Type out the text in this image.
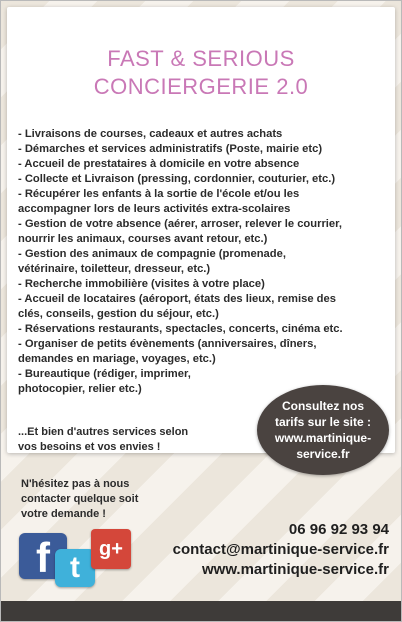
FAST & SERIOUS
CONCIERGERIE 2.0
- Livraisons de courses, cadeaux et autres achats
- Démarches et services administratifs (Poste, mairie etc)
- Accueil de prestataires à domicile en votre absence
- Collecte et Livraison (pressing, cordonnier, couturier, etc.)
- Récupérer les enfants à la sortie de l'école et/ou les
accompagner lors de leurs activités extra-scolaires
- Gestion de votre absence (aérer, arroser, relever le courrier,
nourrir les animaux, courses avant retour, etc.)
- Gestion des animaux de compagnie (promenade,
vétérinaire, toiletteur, dresseur, etc.)
- Recherche immobilière (visites à votre place)
- Accueil de locataires (aéroport, états des lieux, remise des
clés, conseils, gestion du séjour, etc.)
- Réservations restaurants, spectacles, concerts, cinéma etc.
- Organiser de petits évènements (anniversaires, dîners,
demandes en mariage, voyages, etc.)
- Bureautique (rédiger, imprimer,
photocopier, relier etc.)
...Et bien d'autres services selon
vos besoins et vos envies !
Consultez nos
tarifs sur le site :
www.martinique-
service.fr
N'hésitez pas à nous
contacter quelque soit
votre demande !
f t
g+
06 96 92 93 94
contact@martinique-service.fr
www.martinique-service.fr
